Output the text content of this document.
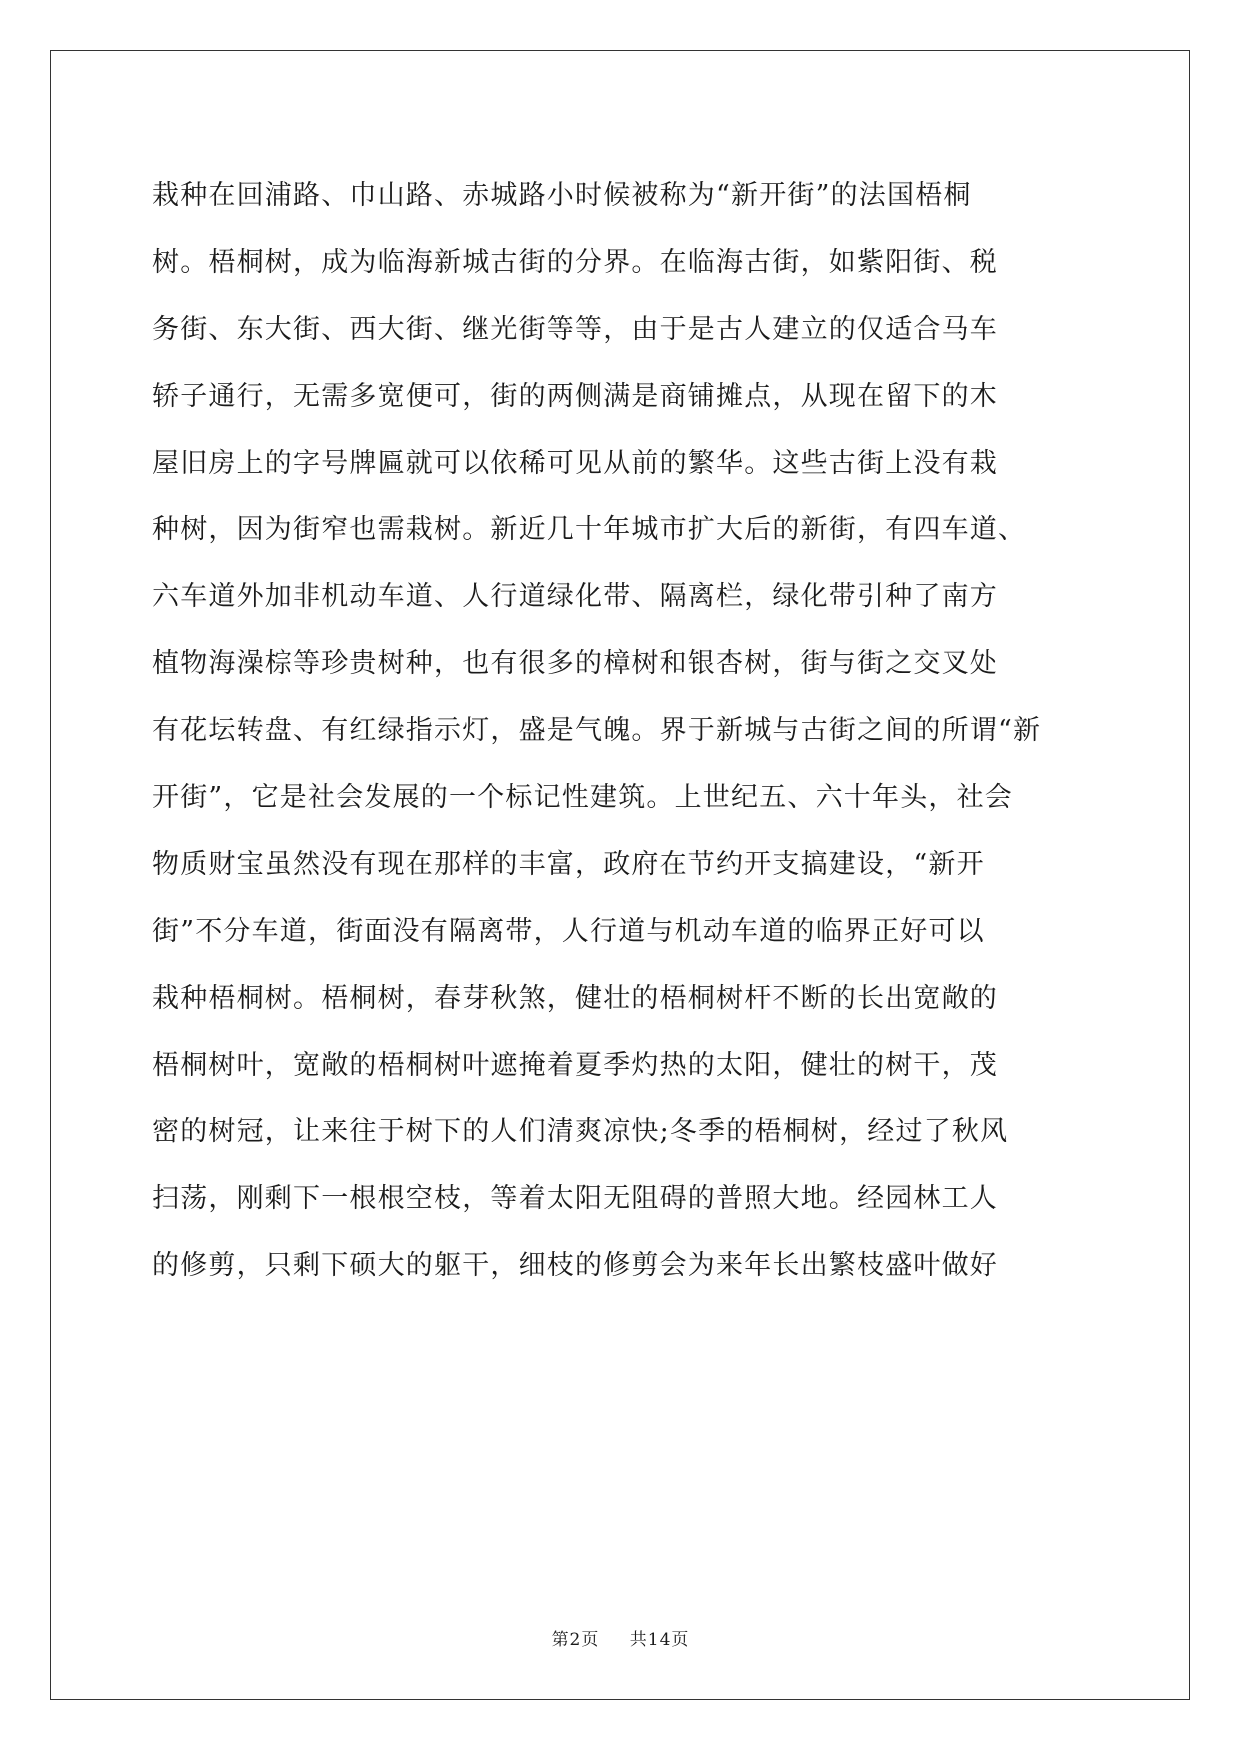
栽种在回浦路、巾山路、赤城路小时候被称为“新开街”的法国梧桐
树。梧桐树，成为临海新城古街的分界。在临海古街，如紫阳街、税
务街、东大街、西大街、继光街等等，由于是古人建立的仅适合马车
轿子通行，无需多宽便可，街的两侧满是商铺摊点，从现在留下的木
屋旧房上的字号牌匾就可以依稀可见从前的繁华。这些古街上没有栽
种树，因为街窄也需栽树。新近几十年城市扩大后的新街，有四车道、
六车道外加非机动车道、人行道绿化带、隔离栏，绿化带引种了南方
植物海澡棕等珍贵树种，也有很多的樟树和银杏树，街与街之交叉处
有花坛转盘、有红绿指示灯，盛是气魄。界于新城与古街之间的所谓“新
开街”，它是社会发展的一个标记性建筑。上世纪五、六十年头，社会
物质财宝虽然没有现在那样的丰富，政府在节约开支搞建设，“新开
街”不分车道，街面没有隔离带，人行道与机动车道的临界正好可以
栽种梧桐树。梧桐树，春芽秋煞，健壮的梧桐树杆不断的长出宽敞的
梧桐树叶，宽敞的梧桐树叶遮掩着夏季灼热的太阳，健壮的树干，茂
密的树冠，让来往于树下的人们清爽凉快;冬季的梧桐树，经过了秋风
扫荡，刚剩下一根根空枝，等着太阳无阻碍的普照大地。经园林工人
的修剪，只剩下硕大的躯干，细枝的修剪会为来年长出繁枝盛叶做好
第2页 共14页
